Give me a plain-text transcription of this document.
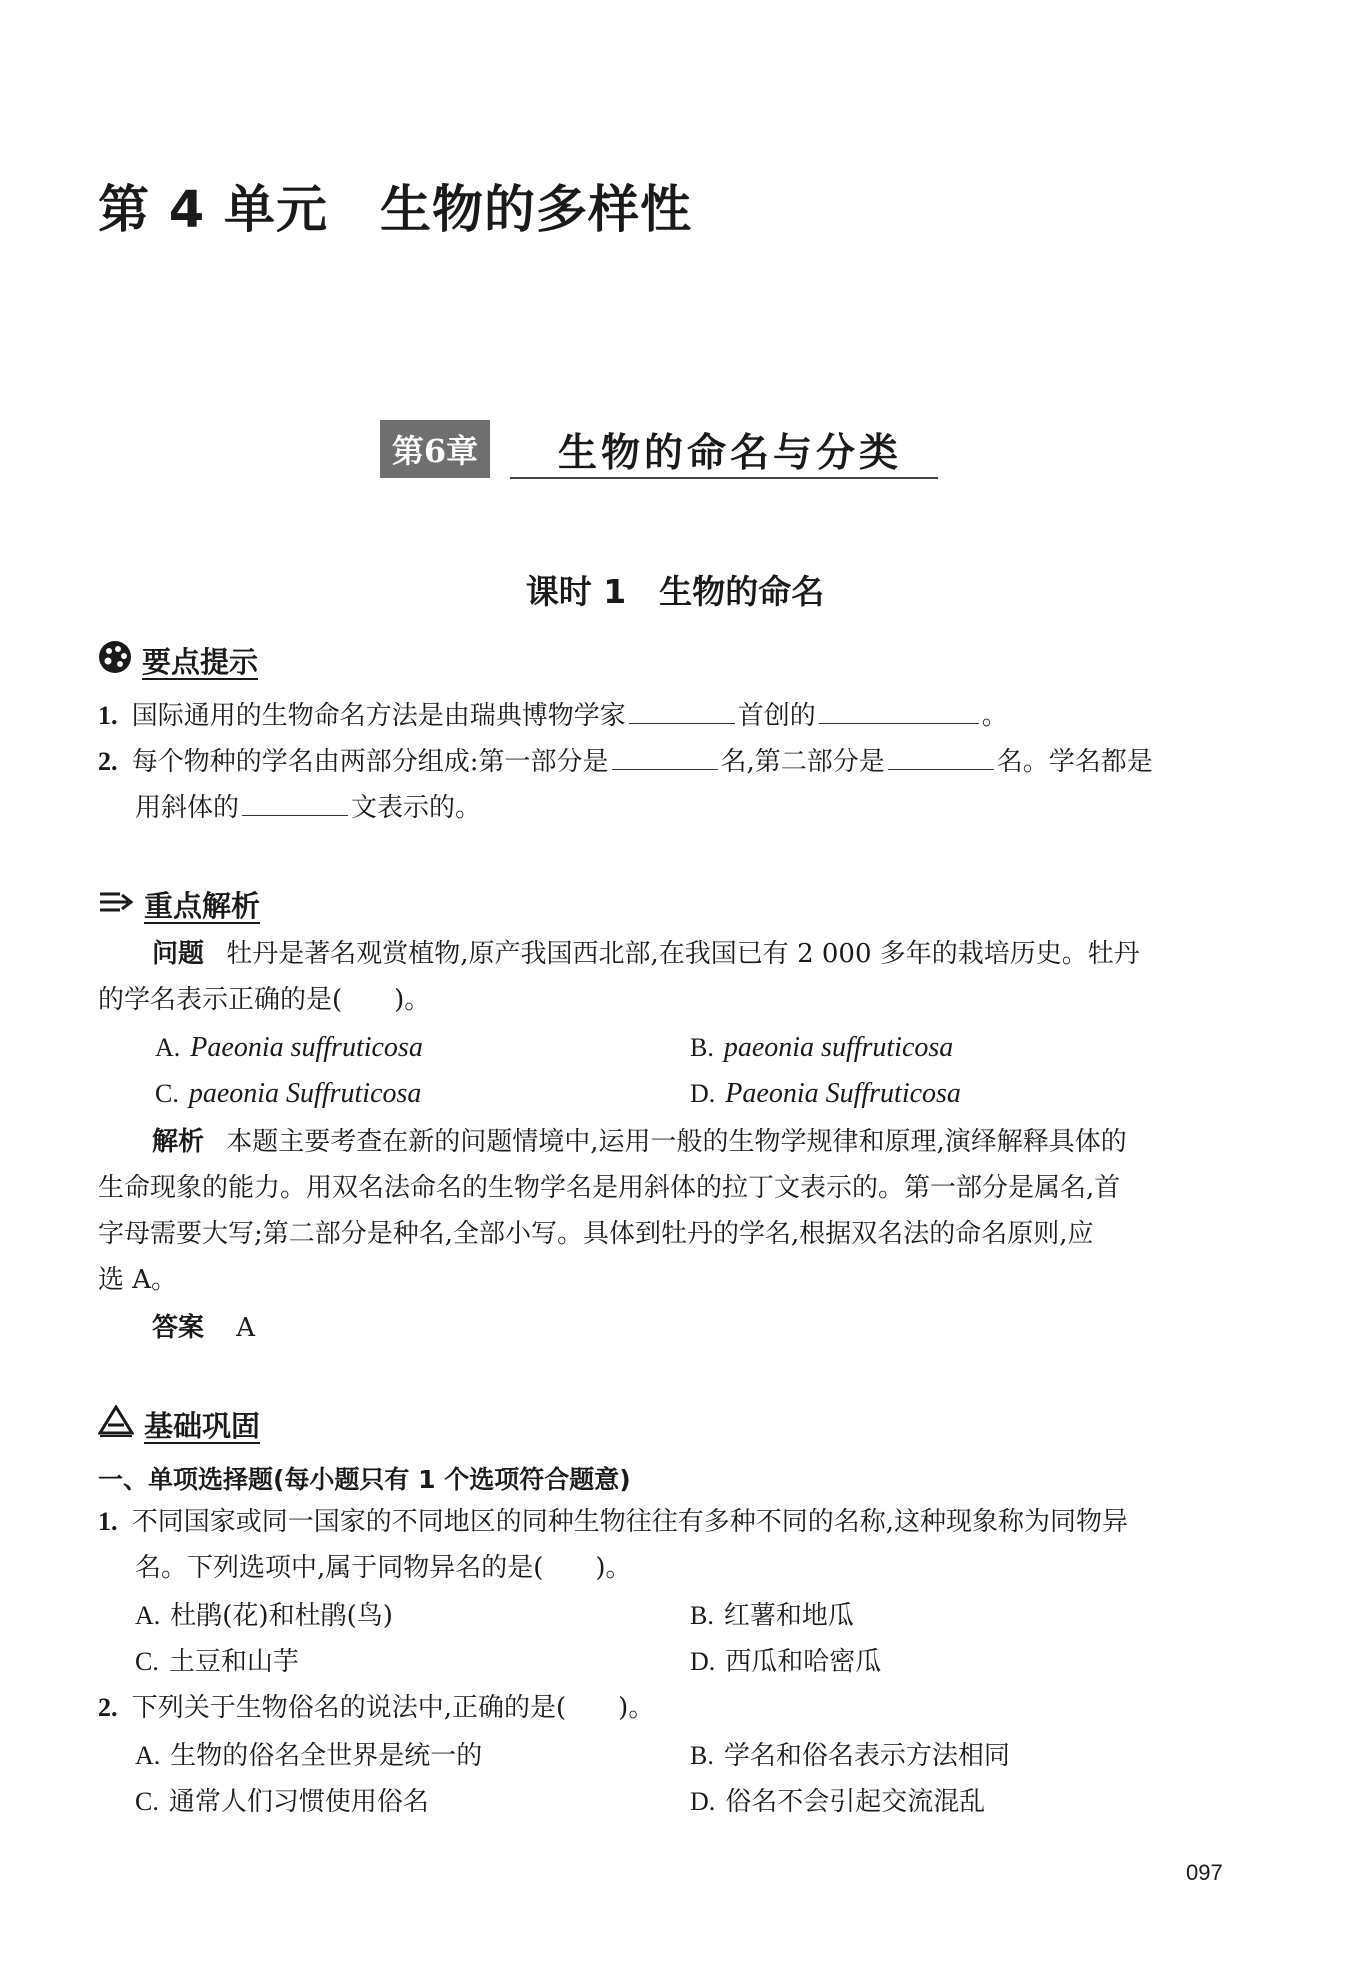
第 4 单元　生物的多样性
第6章	生物的命名与分类
课时 1　生物的命名
要点提示
1. 国际通用的生物命名方法是由瑞典博物学家	首创的	。
2. 每个物种的学名由两部分组成:第一部分是	名,第二部分是	名。学名都是
用斜体的	文表示的。
重点解析
问题 牡丹是著名观赏植物,原产我国西北部,在我国已有 2 000 多年的栽培历史。牡丹
的学名表示正确的是(　　)。
A. Paeonia suffruticosa	B. paeonia suffruticosa
C. paeonia Suffruticosa	D. Paeonia Suffruticosa
解析 本题主要考查在新的问题情境中,运用一般的生物学规律和原理,演绎解释具体的
生命现象的能力。用双名法命名的生物学名是用斜体的拉丁文表示的。第一部分是属名,首
字母需要大写;第二部分是种名,全部小写。具体到牡丹的学名,根据双名法的命名原则,应
选 A。
答案 A
基础巩固
一、单项选择题(每小题只有 1 个选项符合题意)
1. 不同国家或同一国家的不同地区的同种生物往往有多种不同的名称,这种现象称为同物异
名。下列选项中,属于同物异名的是(　　)。
A. 杜鹃(花)和杜鹃(鸟)	B. 红薯和地瓜
C. 土豆和山芋	D. 西瓜和哈密瓜
2. 下列关于生物俗名的说法中,正确的是(　　)。
A. 生物的俗名全世界是统一的	B. 学名和俗名表示方法相同
C. 通常人们习惯使用俗名	D. 俗名不会引起交流混乱
097
